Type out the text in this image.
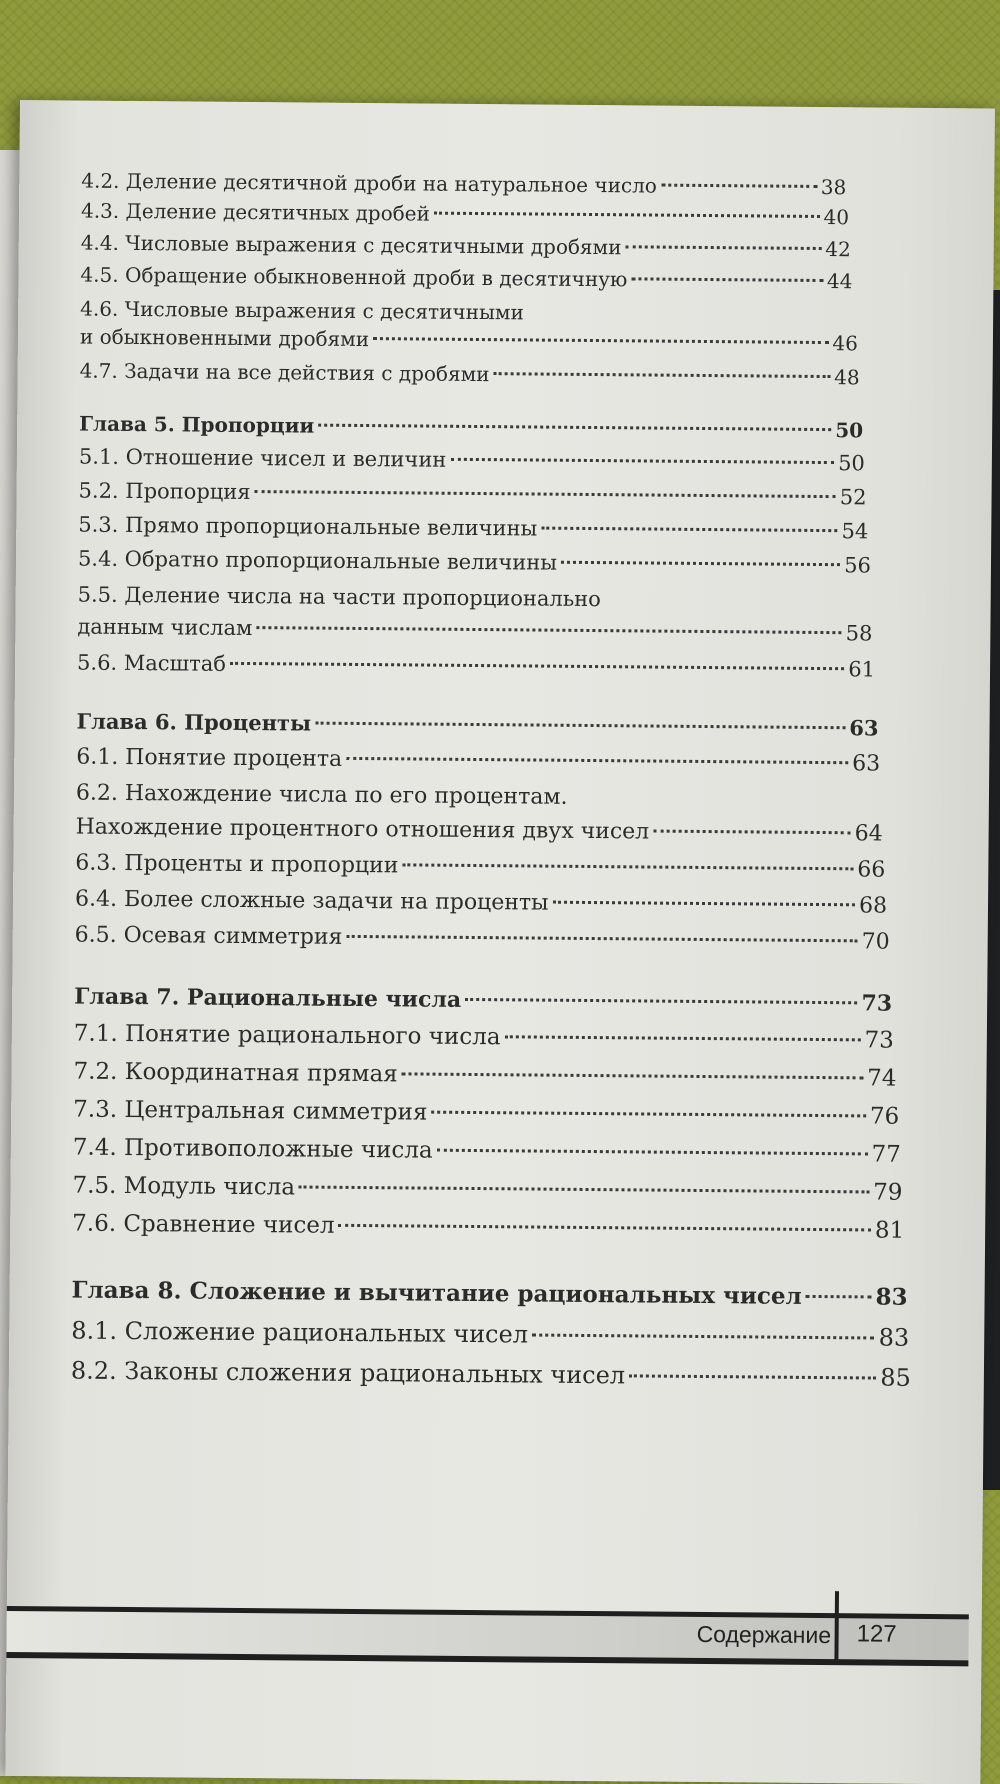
4.2. Деление десятичной дроби на натуральное число	38
4.3. Деление десятичных дробей	40
4.4. Числовые выражения с десятичными дробями	42
4.5. Обращение обыкновенной дроби в десятичную	44
4.6. Числовые выражения с десятичными
и обыкновенными дробями	46
4.7. Задачи на все действия с дробями	48
Глава 5. Пропорции	50
5.1. Отношение чисел и величин	50
5.2. Пропорция	52
5.3. Прямо пропорциональные величины	54
5.4. Обратно пропорциональные величины	56
5.5. Деление числа на части пропорционально
данным числам	58
5.6. Масштаб	61
Глава 6. Проценты	63
6.1. Понятие процента	63
6.2. Нахождение числа по его процентам.
Нахождение процентного отношения двух чисел	64
6.3. Проценты и пропорции	66
6.4. Более сложные задачи на проценты	68
6.5. Осевая симметрия	70
Глава 7. Рациональные числа	73
7.1. Понятие рационального числа	73
7.2. Координатная прямая	74
7.3. Центральная симметрия	76
7.4. Противоположные числа	77
7.5. Модуль числа	79
7.6. Сравнение чисел	81
Глава 8. Сложение и вычитание рациональных чисел	83
8.1. Сложение рациональных чисел	83
8.2. Законы сложения рациональных чисел	85
Содержание 127
